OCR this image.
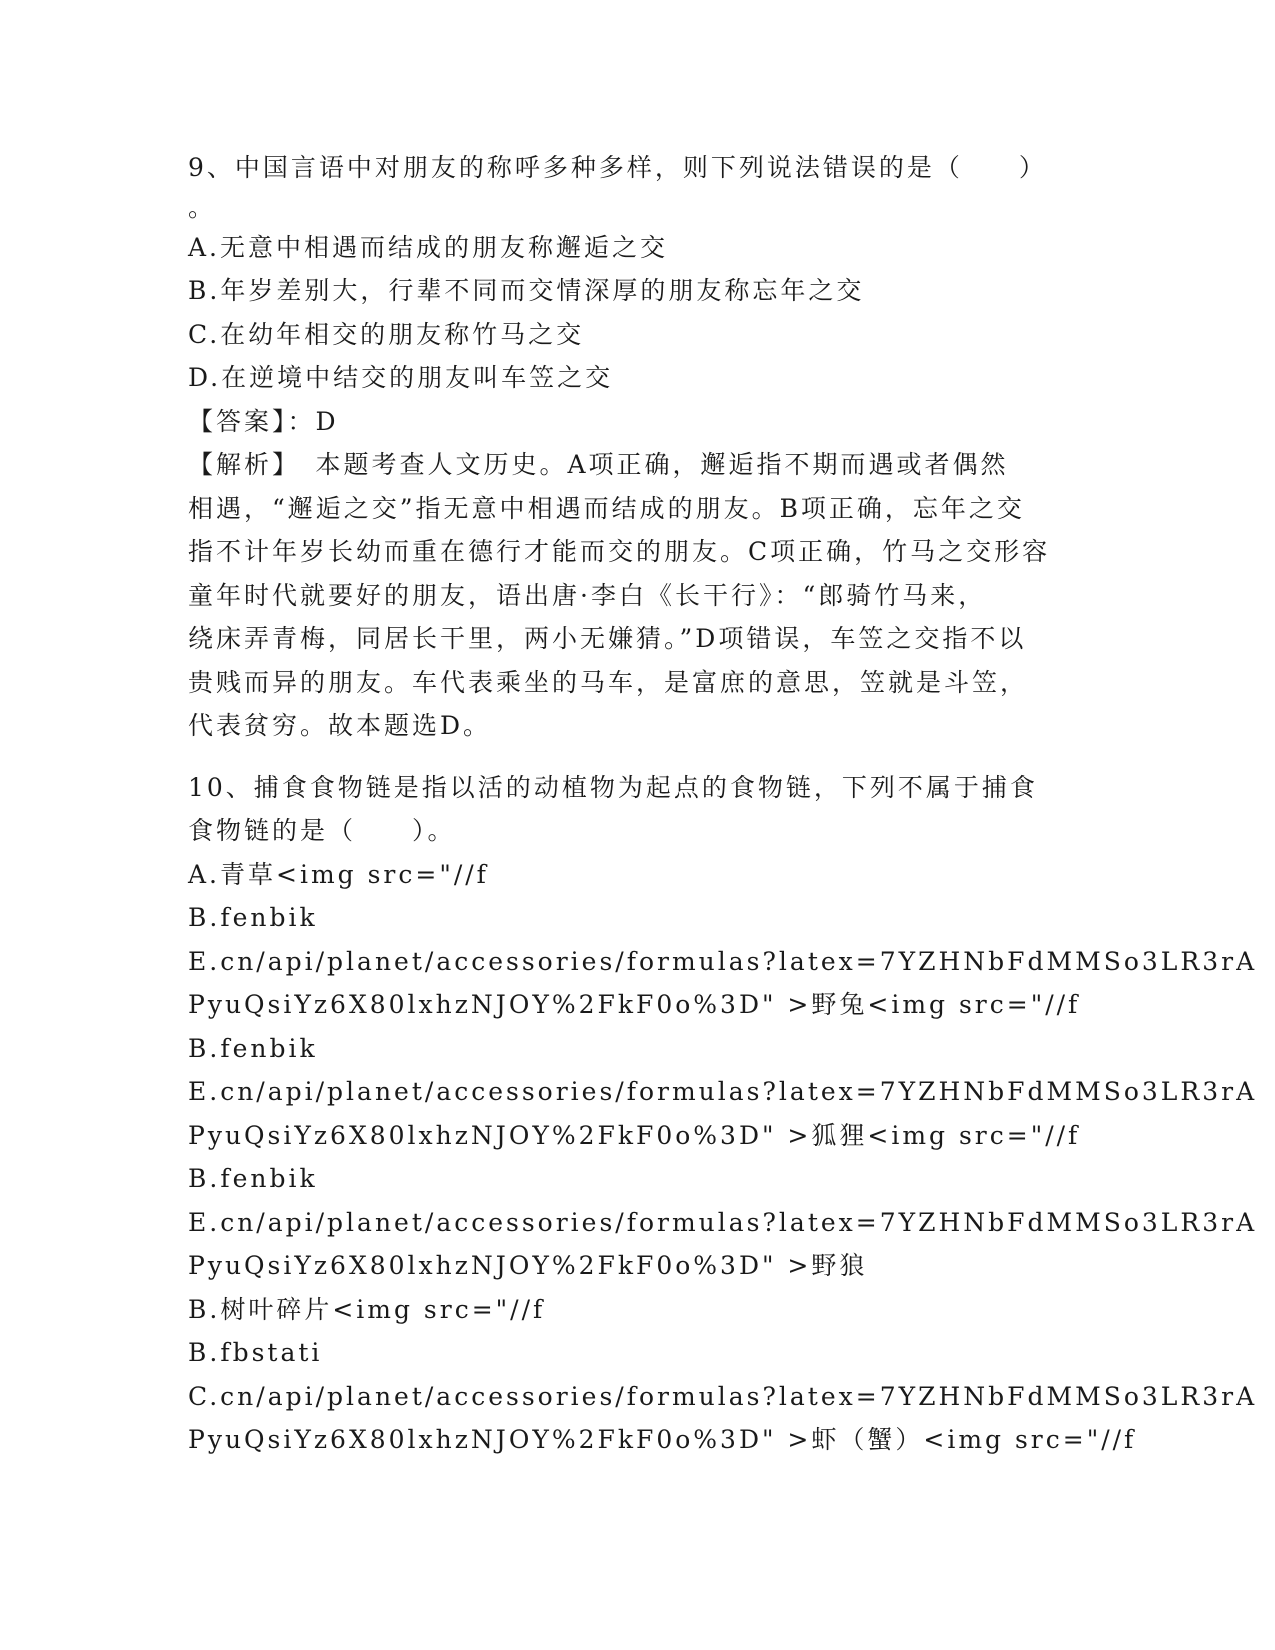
9、中国言语中对朋友的称呼多种多样，则下列说法错误的是（　　）
。
A.无意中相遇而结成的朋友称邂逅之交
B.年岁差别大，行辈不同而交情深厚的朋友称忘年之交
C.在幼年相交的朋友称竹马之交
D.在逆境中结交的朋友叫车笠之交
【答案】：D
【解析】　本题考查人文历史。A项正确，邂逅指不期而遇或者偶然
相遇，“邂逅之交”指无意中相遇而结成的朋友。B项正确，忘年之交
指不计年岁长幼而重在德行才能而交的朋友。C项正确，竹马之交形容
童年时代就要好的朋友，语出唐·李白《长干行》：“郎骑竹马来，
绕床弄青梅，同居长干里，两小无嫌猜。”D项错误，车笠之交指不以
贵贱而异的朋友。车代表乘坐的马车，是富庶的意思，笠就是斗笠，
代表贫穷。故本题选D。
10、捕食食物链是指以活的动植物为起点的食物链，下列不属于捕食
食物链的是（　　）。
A.青草<img src="//f
B.fenbik
E.cn/api/planet/accessories/formulas?latex=7YZHNbFdMMSo3LR3rA
PyuQsiYz6X80lxhzNJOY%2FkF0o%3D" >野兔<img src="//f
B.fenbik
E.cn/api/planet/accessories/formulas?latex=7YZHNbFdMMSo3LR3rA
PyuQsiYz6X80lxhzNJOY%2FkF0o%3D" >狐狸<img src="//f
B.fenbik
E.cn/api/planet/accessories/formulas?latex=7YZHNbFdMMSo3LR3rA
PyuQsiYz6X80lxhzNJOY%2FkF0o%3D" >野狼
B.树叶碎片<img src="//f
B.fbstati
C.cn/api/planet/accessories/formulas?latex=7YZHNbFdMMSo3LR3rA
PyuQsiYz6X80lxhzNJOY%2FkF0o%3D" >虾（蟹）<img src="//f
